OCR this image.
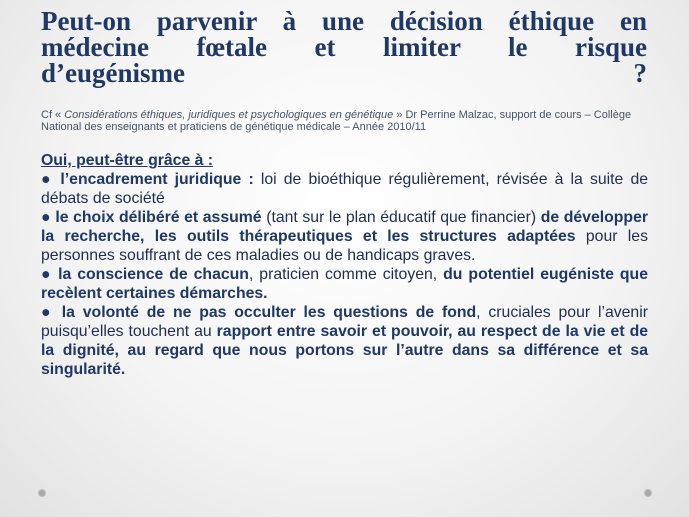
Peut-on parvenir à une décision éthique en
médecine fœtale et limiter le risque
d’eugénisme	?
Cf « Considérations éthiques, juridiques et psychologiques en génétique » Dr Perrine Malzac, support de cours – Collège National des enseignants et praticiens de génétique médicale – Année 2010/11
Oui, peut-être grâce à :

● l’encadrement juridique : loi de bioéthique régulièrement, révisée à la suite de débats de société

● le choix délibéré et assumé (tant sur le plan éducatif que financier) de développer la recherche, les outils thérapeutiques et les structures adaptées pour les personnes souffrant de ces maladies ou de handicaps graves.

● la conscience de chacun, praticien comme citoyen, du potentiel eugéniste que recèlent certaines démarches.

● la volonté de ne pas occulter les questions de fond, cruciales pour l’avenir puisqu’elles touchent au rapport entre savoir et pouvoir, au respect de la vie et de la dignité, au regard que nous portons sur l’autre dans sa différence et sa singularité.
